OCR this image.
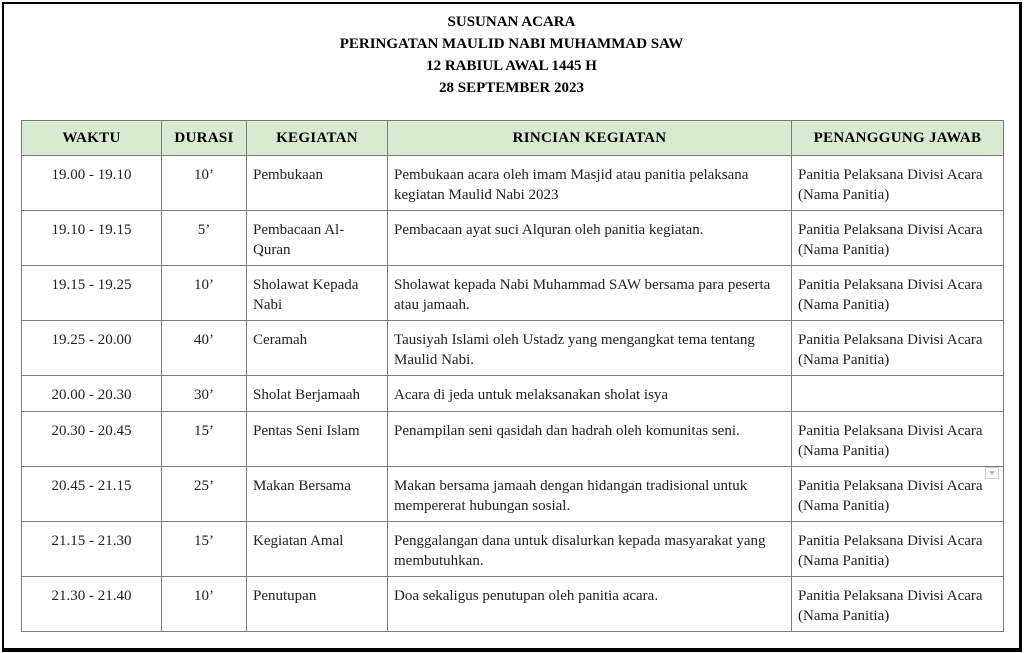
SUSUNAN ACARA
PERINGATAN MAULID NABI MUHAMMAD SAW
12 RABIUL AWAL 1445 H
28 SEPTEMBER 2023
WAKTU	DURASI	KEGIATAN	RINCIAN KEGIATAN	PENANGGUNG JAWAB
19.00 - 19.10	10’	Pembukaan	Pembukaan acara oleh imam Masjid atau panitia pelaksana kegiatan Maulid Nabi 2023	Panitia Pelaksana Divisi Acara (Nama Panitia)
19.10 - 19.15	5’	Pembacaan Al-Quran	Pembacaan ayat suci Alquran oleh panitia kegiatan.	Panitia Pelaksana Divisi Acara (Nama Panitia)
19.15 - 19.25	10’	Sholawat Kepada Nabi	Sholawat kepada Nabi Muhammad SAW bersama para peserta atau jamaah.	Panitia Pelaksana Divisi Acara (Nama Panitia)
19.25 - 20.00	40’	Ceramah	Tausiyah Islami oleh Ustadz yang mengangkat tema tentang Maulid Nabi.	Panitia Pelaksana Divisi Acara (Nama Panitia)
20.00 - 20.30	30’	Sholat Berjamaah	Acara di jeda untuk melaksanakan sholat isya	
20.30 - 20.45	15’	Pentas Seni Islam	Penampilan seni qasidah dan hadrah oleh komunitas seni.	Panitia Pelaksana Divisi Acara (Nama Panitia)
20.45 - 21.15	25’	Makan Bersama	Makan bersama jamaah dengan hidangan tradisional untuk mempererat hubungan sosial.	Panitia Pelaksana Divisi Acara (Nama Panitia)
21.15 - 21.30	15’	Kegiatan Amal	Penggalangan dana untuk disalurkan kepada masyarakat yang membutuhkan.	Panitia Pelaksana Divisi Acara (Nama Panitia)
21.30 - 21.40	10’	Penutupan	Doa sekaligus penutupan oleh panitia acara.	Panitia Pelaksana Divisi Acara (Nama Panitia)
